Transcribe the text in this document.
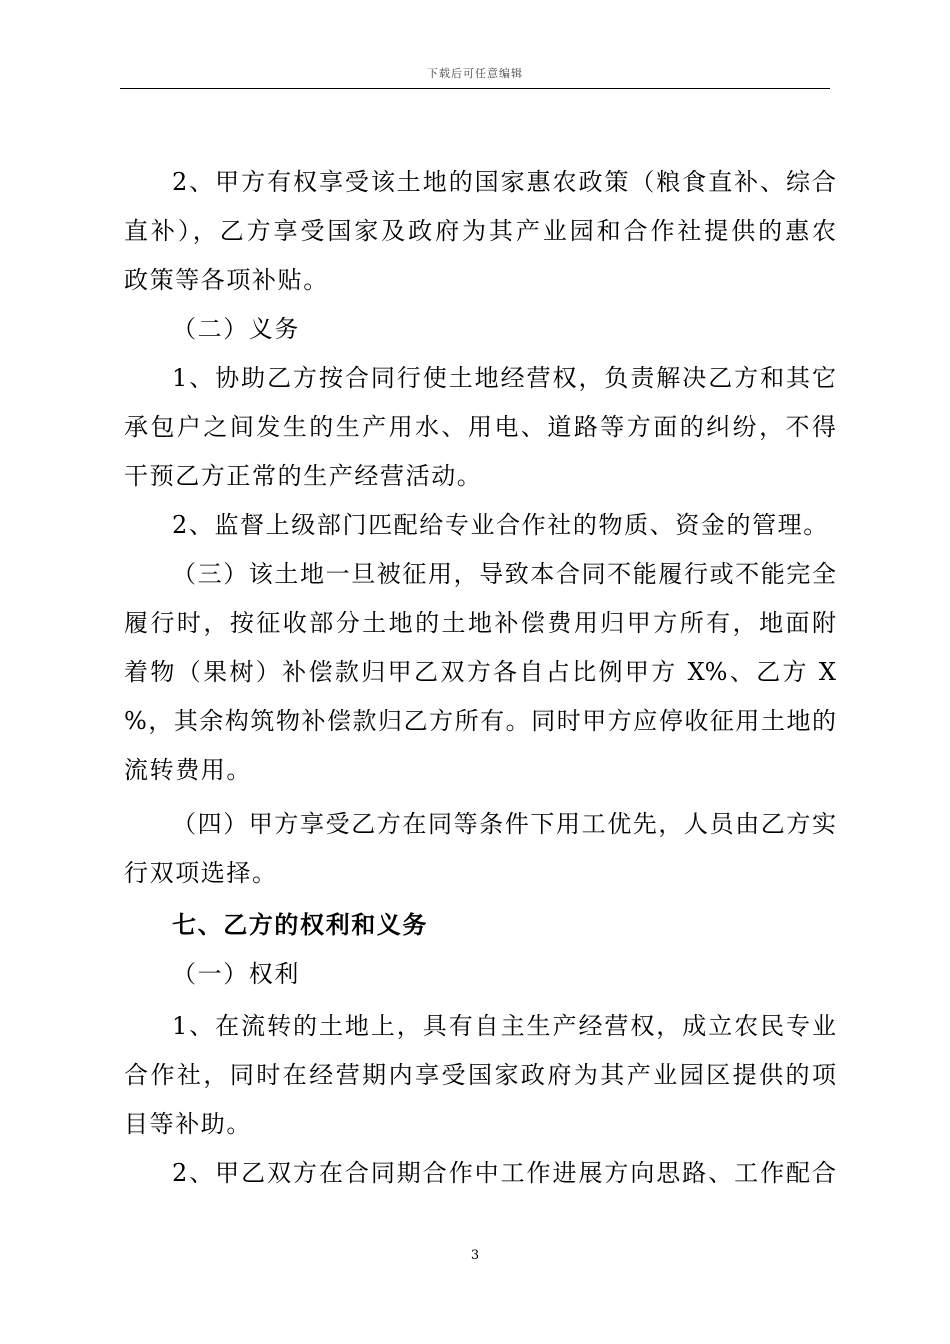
下载后可任意编辑
2、甲方有权享受该土地的国家惠农政策（粮食直补、综合
直补），乙方享受国家及政府为其产业园和合作社提供的惠农
政策等各项补贴。
（二）义务
1、协助乙方按合同行使土地经营权，负责解决乙方和其它
承包户之间发生的生产用水、用电、道路等方面的纠纷，不得
干预乙方正常的生产经营活动。
2、监督上级部门匹配给专业合作社的物质、资金的管理。
（三）该土地一旦被征用，导致本合同不能履行或不能完全
履行时，按征收部分土地的土地补偿费用归甲方所有，地面附
着物（果树）补偿款归甲乙双方各自占比例甲方 X%、乙方 X
%，其余构筑物补偿款归乙方所有。同时甲方应停收征用土地的
流转费用。
（四）甲方享受乙方在同等条件下用工优先，人员由乙方实
行双项选择。
七、乙方的权利和义务
（一）权利
1、在流转的土地上，具有自主生产经营权，成立农民专业
合作社，同时在经营期内享受国家政府为其产业园区提供的项
目等补助。
2、甲乙双方在合同期合作中工作进展方向思路、工作配合
3
